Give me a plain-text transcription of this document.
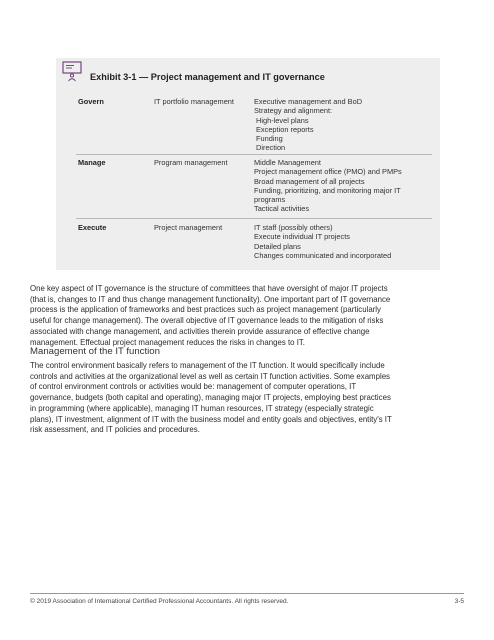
Exhibit 3-1 — Project management and IT governance
Govern	IT portfolio management	Executive management and BoD
Strategy and alignment:
High-level plans
Exception reports
Funding
Direction
Manage	Program management	Middle Management
Project management office (PMO) and PMPs
Broad management of all projects
Funding, prioritizing, and monitoring major IT
programs
Tactical activities
Execute	Project management	IT staff (possibly others)
Execute individual IT projects
Detailed plans
Changes communicated and incorporated
One key aspect of IT governance is the structure of committees that have oversight of major IT projects
(that is, changes to IT and thus change management functionality). One important part of IT governance
process is the application of frameworks and best practices such as project management (particularly
useful for change management). The overall objective of IT governance leads to the mitigation of risks
associated with change management, and activities therein provide assurance of effective change
management. Effectual project management reduces the risks in changes to IT.
Management of the IT function
The control environment basically refers to management of the IT function. It would specifically include
controls and activities at the organizational level as well as certain IT function activities. Some examples
of control environment controls or activities would be: management of computer operations, IT
governance, budgets (both capital and operating), managing major IT projects, employing best practices
in programming (where applicable), managing IT human resources, IT strategy (especially strategic
plans), IT investment, alignment of IT with the business model and entity goals and objectives, entity's IT
risk assessment, and IT policies and procedures.
© 2019 Association of International Certified Professional Accountants. All rights reserved.	3-5
